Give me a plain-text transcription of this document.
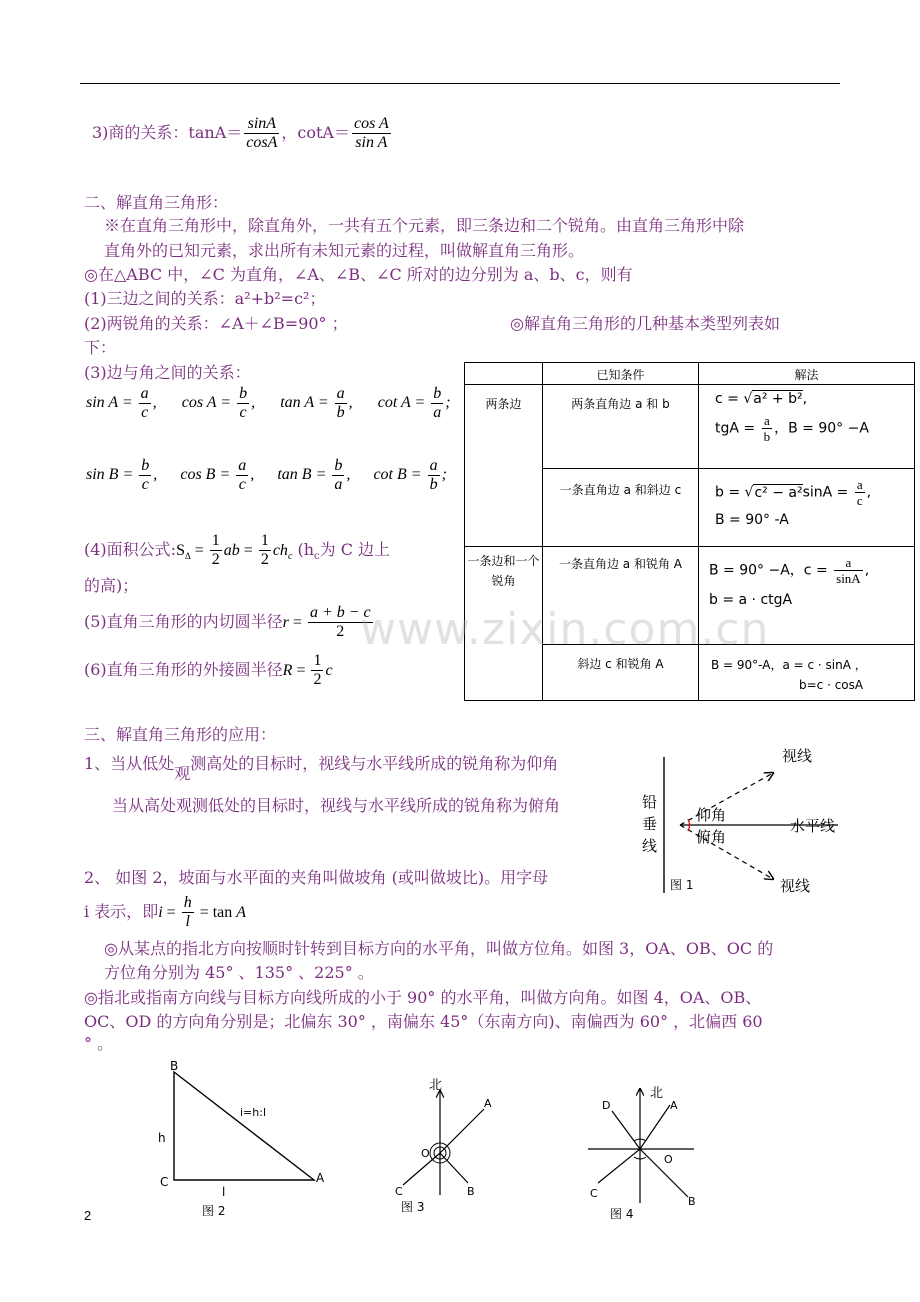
3)商的关系：$\tan A= \frac{\sin A}{\cos A}$ ，$\cot A= \frac{\text{cos A}}{\text{sin A}}$
二、解直角三角形：
※在直角三角形中，除直角外，一共有五个元素，即三条边和二个锐角。由直角三角形中除
直角外的已知元素，求出所有未知元素的过程，叫做解直角三角形。
◎在△ABC 中，∠C 为直角，∠A、∠B、∠C 所对的边分别为 a、b、c，则有
(1)三边之间的关系：a²+b²=c²；
(2)两锐角的关系：∠A＋∠B=90° ；	◎解直角三角形的几种基本类型列表如
下：
(3)边与角之间的关系：
$\sin A = \frac{a}{c}$ , $\cos A = \frac{b}{c}$ , $\tan A = \frac{a}{b}$ , $\cot A = \frac{b}{a}$ ;
$\sin B = \frac{b}{c}$ , $\cos B = \frac{a}{c}$ , $\tan B = \frac{b}{a}$ , $\cot B = \frac{a}{b}$ ;
(4)面积公式$:S_\Delta = \frac{1}{2}$ ab = $\frac{1}{2} ch_c$ ($h_c$为 C 边上
的高)；
(5)直角三角形的内切圆半径$r = \frac{a + b - c}{2}$
(6)直角三角形的外接圆半径$R = \frac{1}{2}$ c
	已知条件	解法
两条边	两条直角边 a 和 b	c = √a² + b²,
tgA = $\frac{a}{b}$ ，B = 90° −A

	一条直角边 a 和斜边 c	$b = √c^2 - a^2\sin A = \frac{a}{c}$ ,
B = 90° -A

一条边和一个锐角	一条直角边 a 和锐角 A	B = 90° −A，$c = \frac{a}{\sin A}$ ,
b = a · ctgA

	斜边 c 和锐角 A	B = 90°-A，a = c · sinA ，
b=c · cosA
www.zixin.com.cn
三、解直角三角形的应用：
1、当从低处观测高处的目标时，视线与水平线所成的锐角称为仰角
当从高处观测低处的目标时，视线与水平线所成的锐角称为俯角
2、 如图 2，坡面与水平面的夹角叫做坡角 (或叫做坡比)。用字母
i 表示，即$i = \frac{h}{l} = \tan A$
◎从某点的指北方向按顺时针转到目标方向的水平角，叫做方位角。如图 3，OA、OB、OC 的
方位角分别为 45° 、135° 、225° 。
◎指北或指南方向线与目标方向线所成的小于 90° 的水平角，叫做方向角。如图 4，OA、OB、
OC、OD 的方向角分别是；北偏东 30° ，南偏东 45°（东南方向)、南偏西为 60° ，北偏西 60
° 。
视线
仰角
俯角
水平线
铅
垂
线
视线
图 1
B
C	A
h
l
i=h:l
图 2
北
A
B
C
O
图 3
北
A
B
C
D
O
图 4
2
